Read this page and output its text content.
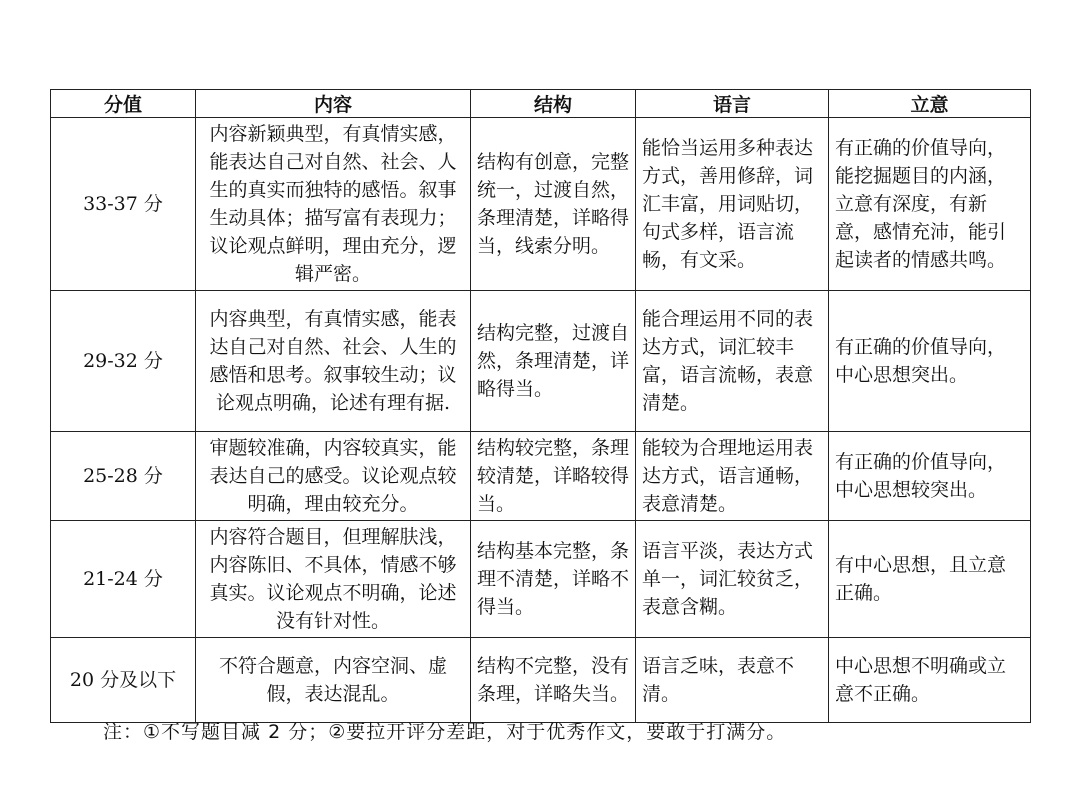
分值	内容	结构	语言	立意
33-37 分	内容新颖典型，有真情实感，能表达自己对自然、社会、人生的真实而独特的感悟。叙事生动具体；描写富有表现力；议论观点鲜明，理由充分，逻辑严密。	结构有创意，完整统一，过渡自然，条理清楚，详略得当，线索分明。	能恰当运用多种表达方式，善用修辞，词汇丰富，用词贴切，句式多样，语言流畅，有文采。	有正确的价值导向，能挖掘题目的内涵，立意有深度，有新意，感情充沛，能引起读者的情感共鸣。
29-32 分	内容典型，有真情实感，能表达自己对自然、社会、人生的感悟和思考。叙事较生动；议论观点明确，论述有理有据.	结构完整，过渡自然，条理清楚，详略得当。	能合理运用不同的表达方式，词汇较丰富，语言流畅，表意清楚。	有正确的价值导向，中心思想突出。
25-28 分	审题较准确，内容较真实，能表达自己的感受。议论观点较明确，理由较充分。	结构较完整，条理较清楚，详略较得当。	能较为合理地运用表达方式，语言通畅，表意清楚。	有正确的价值导向，中心思想较突出。
21-24 分	内容符合题目，但理解肤浅，内容陈旧、不具体，情感不够真实。议论观点不明确，论述没有针对性。	结构基本完整，条理不清楚，详略不得当。	语言平淡，表达方式单一，词汇较贫乏，表意含糊。	有中心思想，且立意正确。
20 分及以下	不符合题意，内容空洞、虚假，表达混乱。	结构不完整，没有条理，详略失当。	语言乏味，表意不清。	中心思想不明确或立意不正确。
注：①不写题目减 2 分；②要拉开评分差距，对于优秀作文，要敢于打满分。
